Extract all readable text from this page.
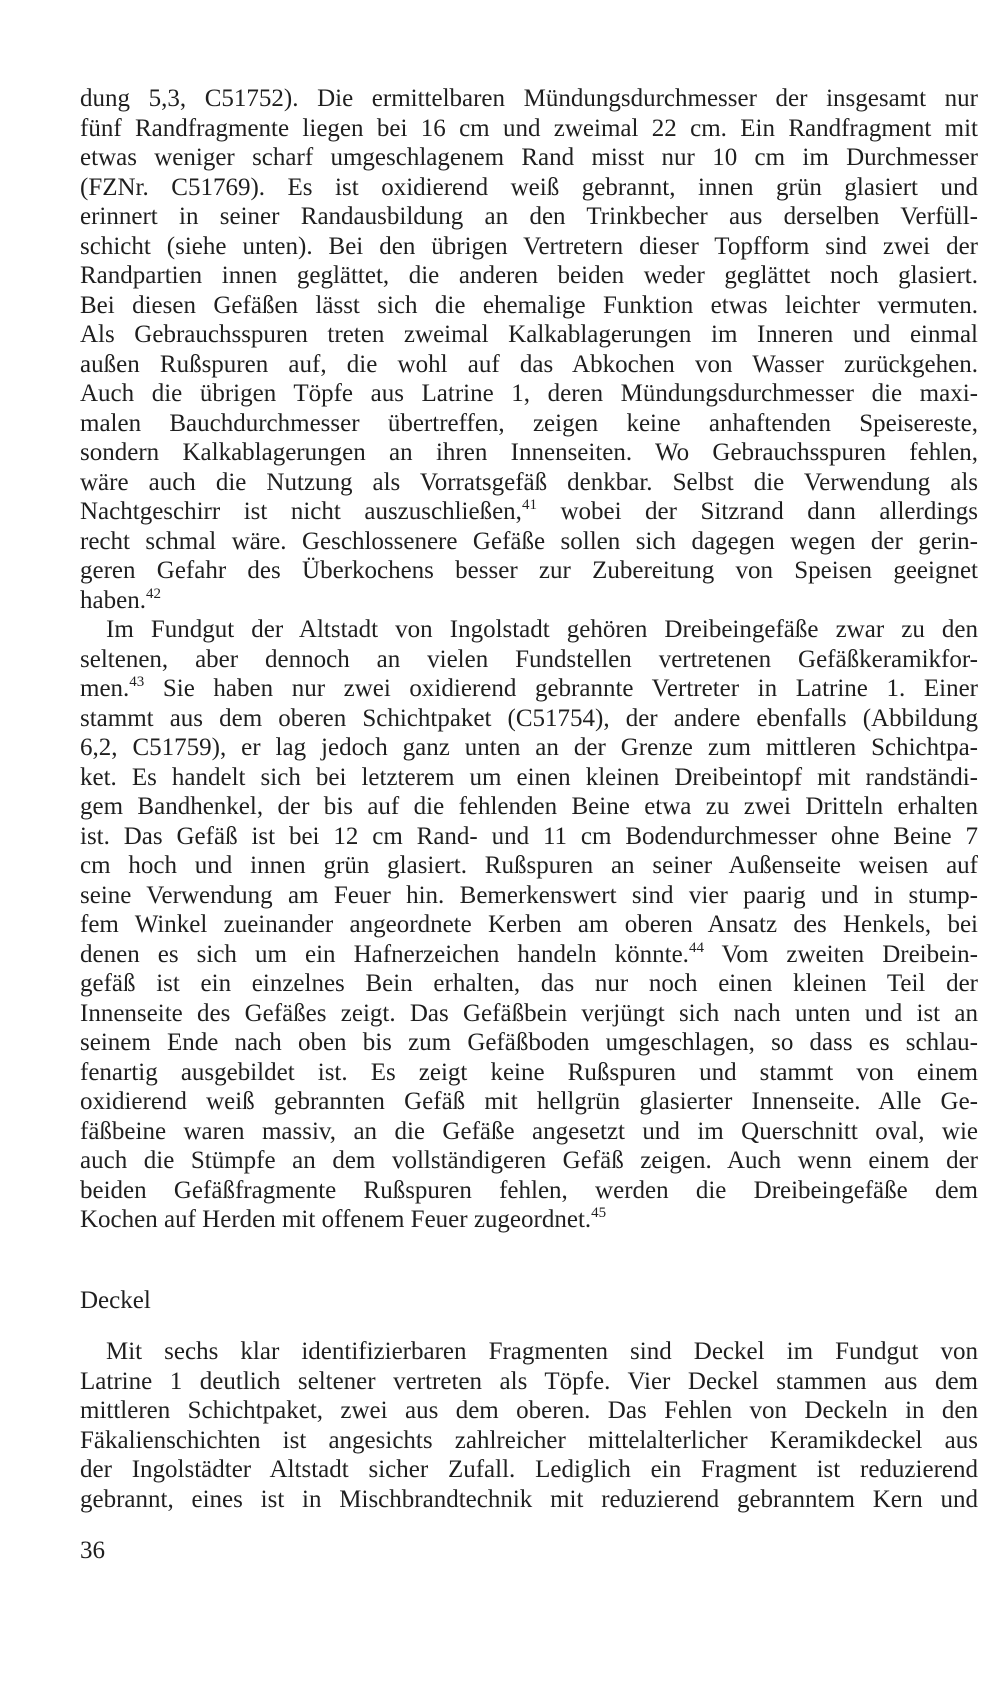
dung 5,3, C51752). Die ermittelbaren Mündungsdurchmesser der insgesamt nur
fünf Randfragmente liegen bei 16 cm und zweimal 22 cm. Ein Randfragment mit
etwas weniger scharf umgeschlagenem Rand misst nur 10 cm im Durchmesser
(FZNr. C51769). Es ist oxidierend weiß gebrannt, innen grün glasiert und
erinnert in seiner Randausbildung an den Trinkbecher aus derselben Verfüll-
schicht (siehe unten). Bei den übrigen Vertretern dieser Topfform sind zwei der
Randpartien innen geglättet, die anderen beiden weder geglättet noch glasiert.
Bei diesen Gefäßen lässt sich die ehemalige Funktion etwas leichter vermuten.
Als Gebrauchsspuren treten zweimal Kalkablagerungen im Inneren und einmal
außen Rußspuren auf, die wohl auf das Abkochen von Wasser zurückgehen.
Auch die übrigen Töpfe aus Latrine 1, deren Mündungsdurchmesser die maxi-
malen Bauchdurchmesser übertreffen, zeigen keine anhaftenden Speisereste,
sondern Kalkablagerungen an ihren Innenseiten. Wo Gebrauchsspuren fehlen,
wäre auch die Nutzung als Vorratsgefäß denkbar. Selbst die Verwendung als
Nachtgeschirr ist nicht auszuschließen,$^{41}$ wobei der Sitzrand dann allerdings
recht schmal wäre. Geschlossenere Gefäße sollen sich dagegen wegen der gerin-
geren Gefahr des Überkochens besser zur Zubereitung von Speisen geeignet
haben.$^{42}$
Im Fundgut der Altstadt von Ingolstadt gehören Dreibeingefäße zwar zu den
seltenen, aber dennoch an vielen Fundstellen vertretenen Gefäßkeramikfor-
men.$^{43}$ Sie haben nur zwei oxidierend gebrannte Vertreter in Latrine 1. Einer
stammt aus dem oberen Schichtpaket (C51754), der andere ebenfalls (Abbildung
6,2, C51759), er lag jedoch ganz unten an der Grenze zum mittleren Schichtpa-
ket. Es handelt sich bei letzterem um einen kleinen Dreibeintopf mit randständi-
gem Bandhenkel, der bis auf die fehlenden Beine etwa zu zwei Dritteln erhalten
ist. Das Gefäß ist bei 12 cm Rand- und 11 cm Bodendurchmesser ohne Beine 7
cm hoch und innen grün glasiert. Rußspuren an seiner Außenseite weisen auf
seine Verwendung am Feuer hin. Bemerkenswert sind vier paarig und in stump-
fem Winkel zueinander angeordnete Kerben am oberen Ansatz des Henkels, bei
denen es sich um ein Hafnerzeichen handeln könnte.$^{44}$ Vom zweiten Dreibein-
gefäß ist ein einzelnes Bein erhalten, das nur noch einen kleinen Teil der
Innenseite des Gefäßes zeigt. Das Gefäßbein verjüngt sich nach unten und ist an
seinem Ende nach oben bis zum Gefäßboden umgeschlagen, so dass es schlau-
fenartig ausgebildet ist. Es zeigt keine Rußspuren und stammt von einem
oxidierend weiß gebrannten Gefäß mit hellgrün glasierter Innenseite. Alle Ge-
fäßbeine waren massiv, an die Gefäße angesetzt und im Querschnitt oval, wie
auch die Stümpfe an dem vollständigeren Gefäß zeigen. Auch wenn einem der
beiden Gefäßfragmente Rußspuren fehlen, werden die Dreibeingefäße dem
Kochen auf Herden mit offenem Feuer zugeordnet.$^{45}$
Deckel
Mit sechs klar identifizierbaren Fragmenten sind Deckel im Fundgut von
Latrine 1 deutlich seltener vertreten als Töpfe. Vier Deckel stammen aus dem
mittleren Schichtpaket, zwei aus dem oberen. Das Fehlen von Deckeln in den
Fäkalienschichten ist angesichts zahlreicher mittelalterlicher Keramikdeckel aus
der Ingolstädter Altstadt sicher Zufall. Lediglich ein Fragment ist reduzierend
gebrannt, eines ist in Mischbrandtechnik mit reduzierend gebranntem Kern und
36
